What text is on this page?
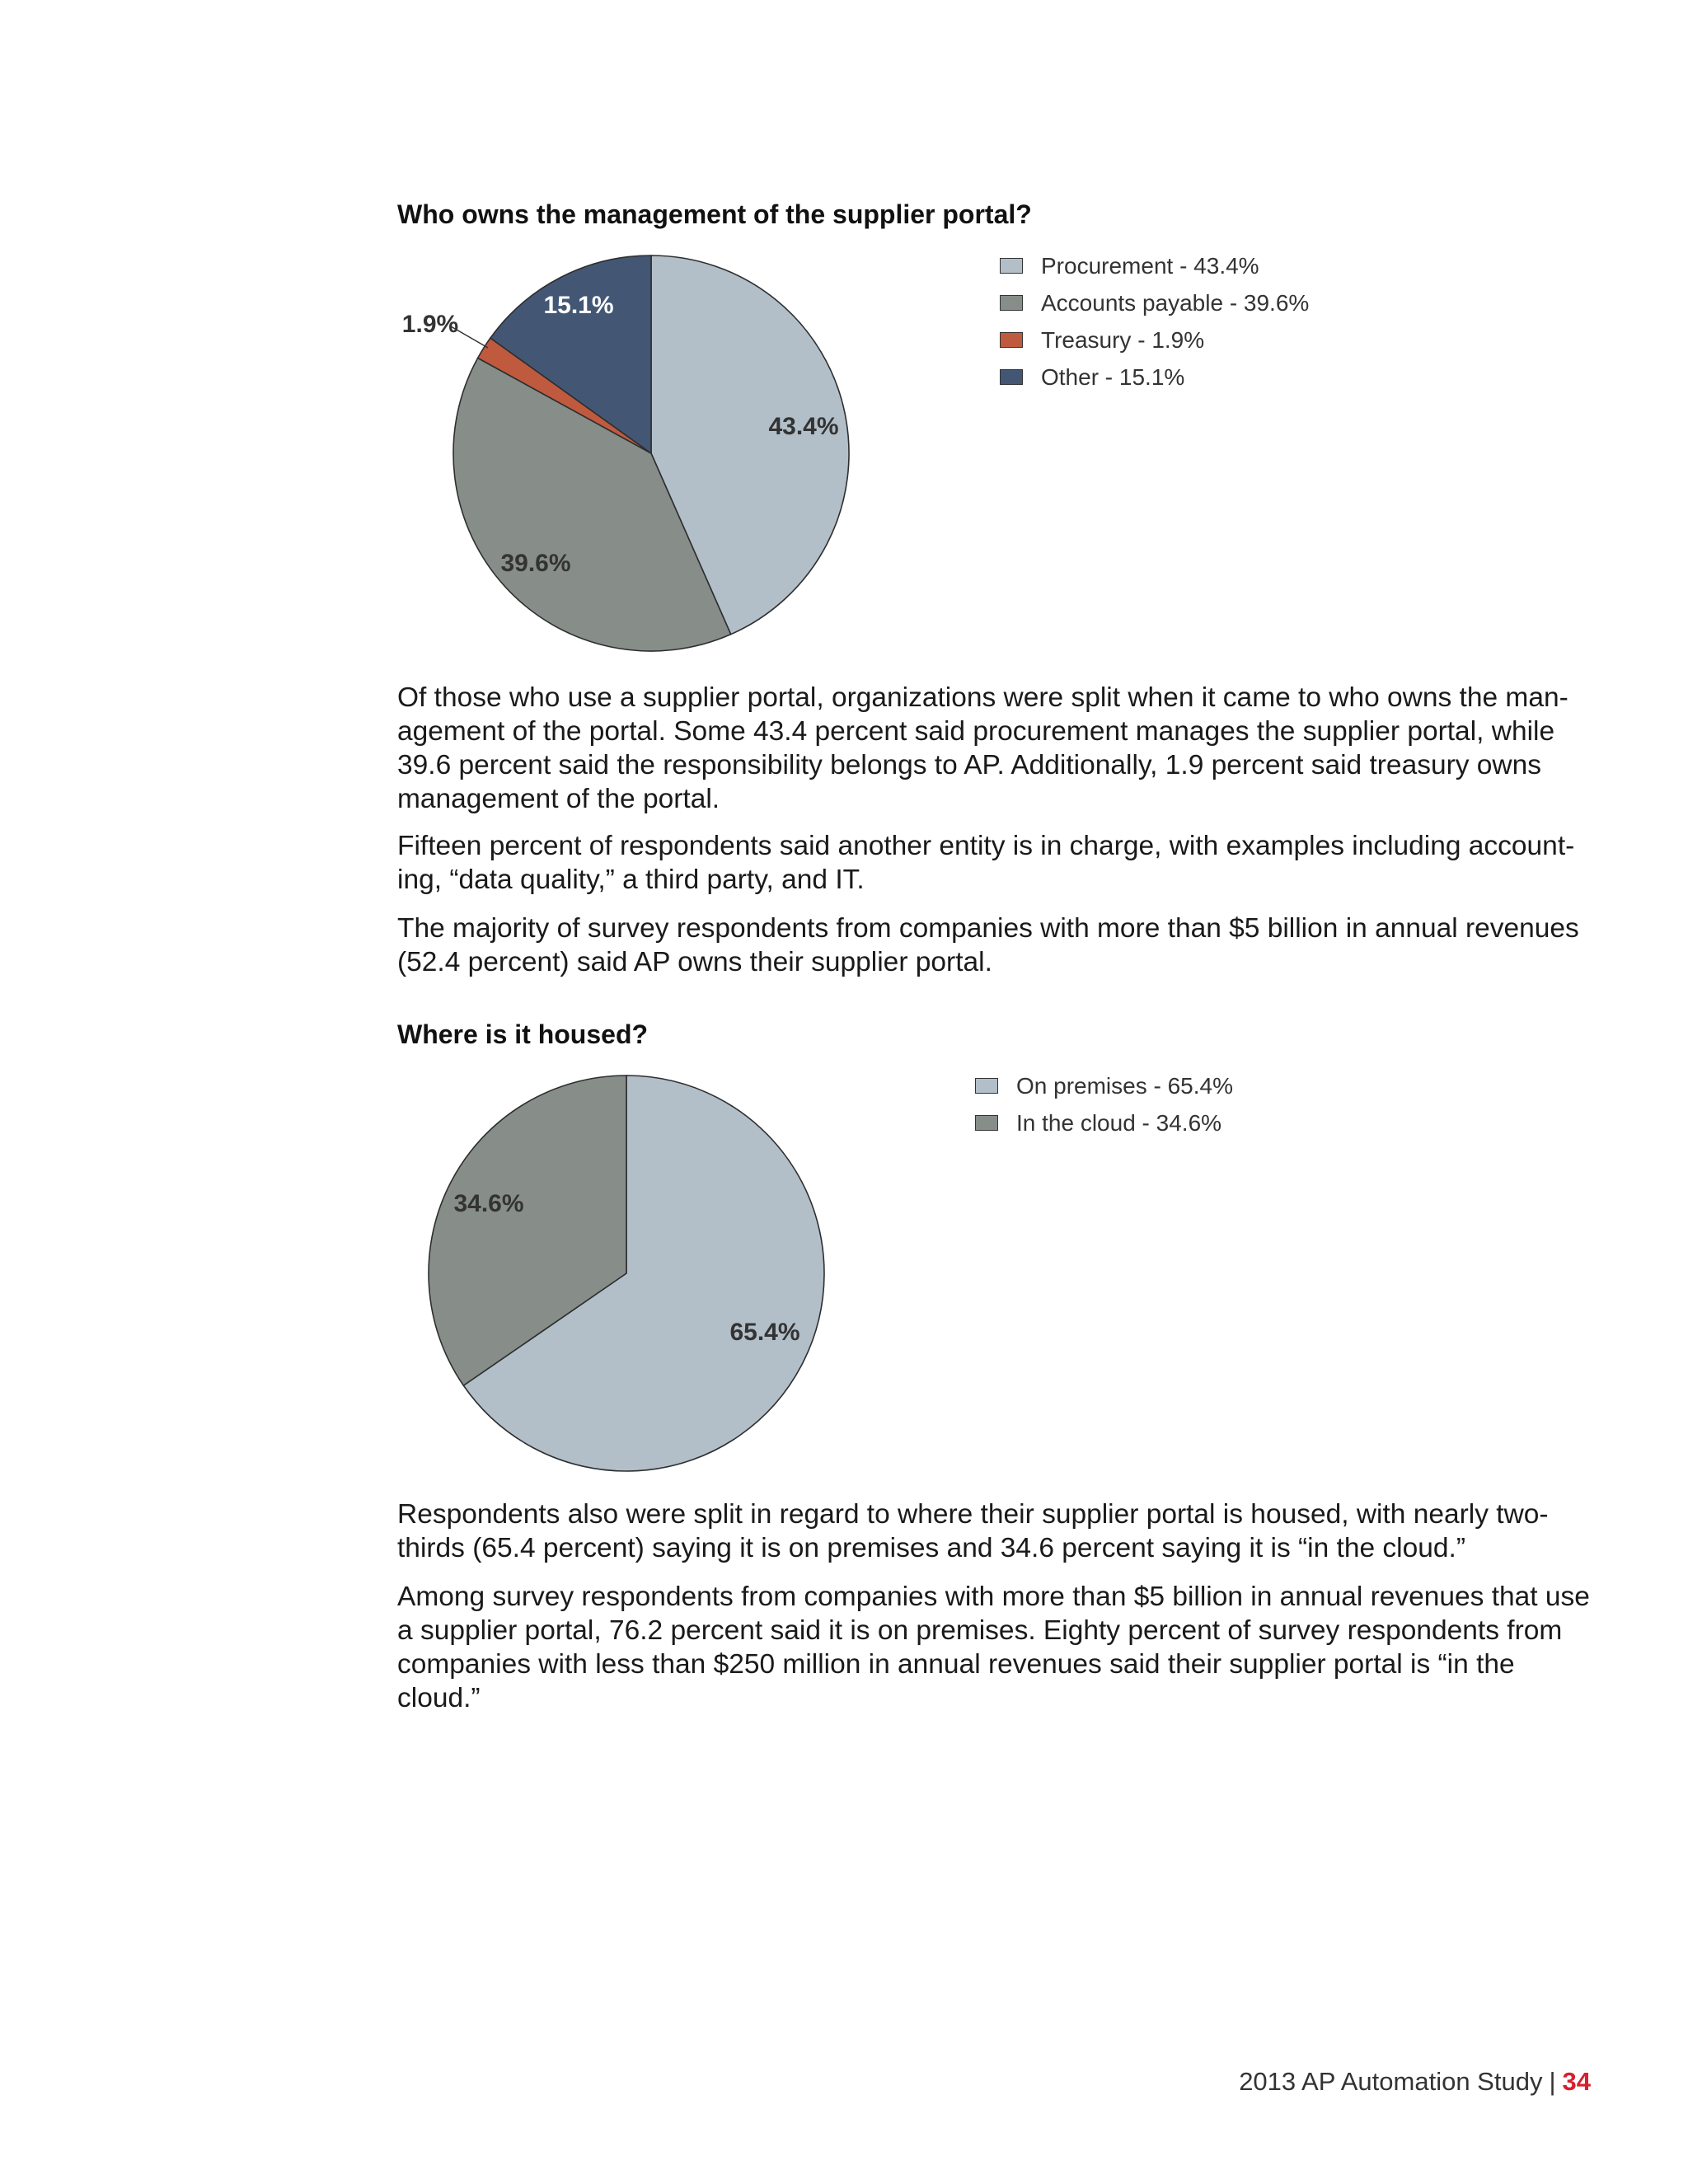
Who owns the management of the supplier portal?
43.4%
39.6%
1.9%
15.1%
Procurement - 43.4%
Accounts payable - 39.6%
Treasury - 1.9%
Other - 15.1%

Of those who use a supplier portal, organizations were split when it came to who owns the man-agement of the portal. Some 43.4 percent said procurement manages the supplier portal, while 39.6 percent said the responsibility belongs to AP. Additionally, 1.9 percent said treasury owns management of the portal.

Fifteen percent of respondents said another entity is in charge, with examples including account-ing, “data quality,” a third party, and IT.

The majority of survey respondents from companies with more than $5 billion in annual revenues (52.4 percent) said AP owns their supplier portal.

Where is it housed?
65.4%
34.6%
On premises - 65.4%
In the cloud - 34.6%

Respondents also were split in regard to where their supplier portal is housed, with nearly two-thirds (65.4 percent) saying it is on premises and 34.6 percent saying it is “in the cloud.”

Among survey respondents from companies with more than $5 billion in annual revenues that use a supplier portal, 76.2 percent said it is on premises. Eighty percent of survey respondents from companies with less than $250 million in annual revenues said their supplier portal is “in the cloud.”

2013 AP Automation Study | 34
